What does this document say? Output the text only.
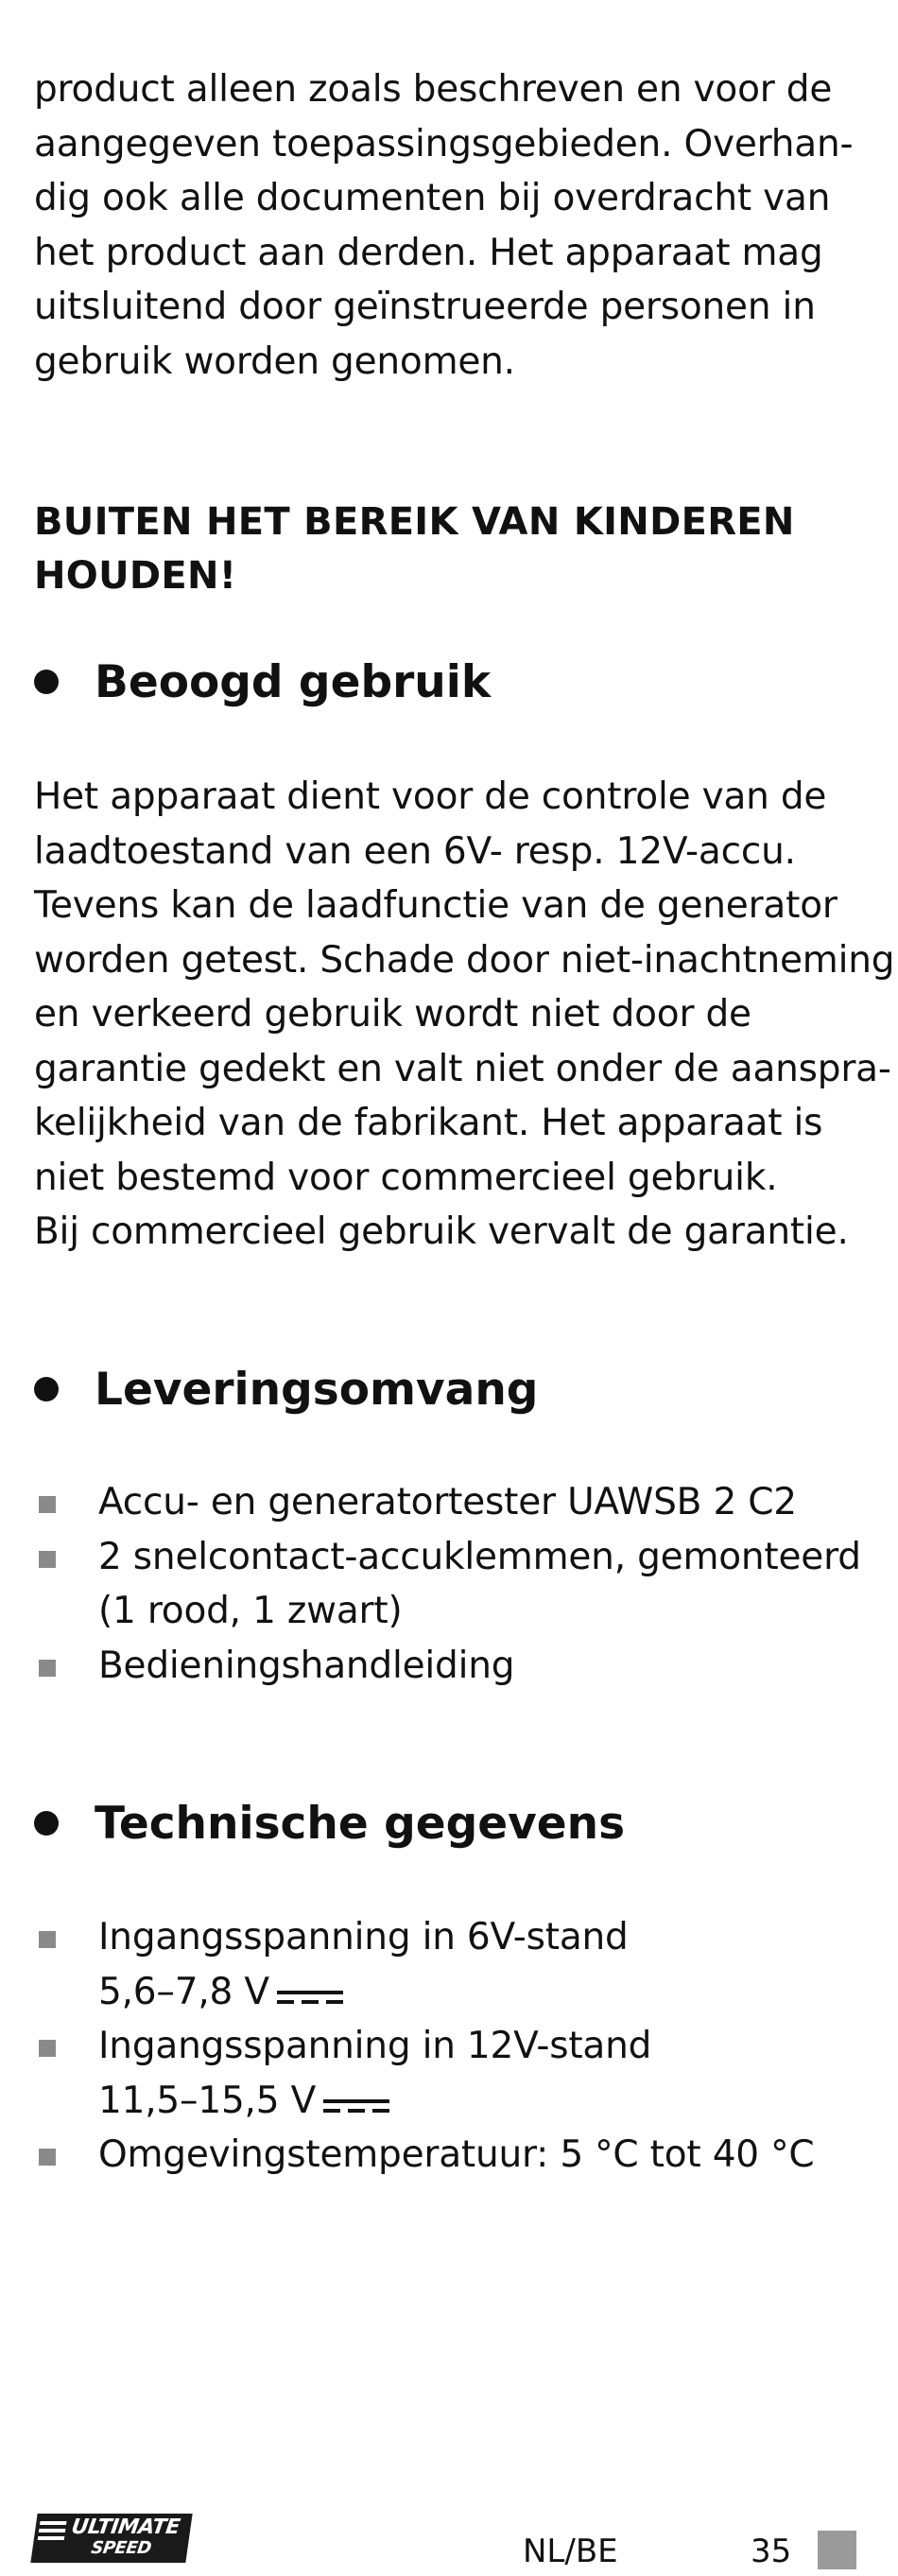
product alleen zoals beschreven en voor de
aangegeven toepassingsgebieden. Overhan-
dig ook alle documenten bij overdracht van
het product aan derden. Het apparaat mag
uitsluitend door geïnstrueerde personen in
gebruik worden genomen.

BUITEN HET BEREIK VAN KINDEREN
HOUDEN!

Beoogd gebruik

Het apparaat dient voor de controle van de
laadtoestand van een 6V- resp. 12V-accu.
Tevens kan de laadfunctie van de generator
worden getest. Schade door niet-inachtneming
en verkeerd gebruik wordt niet door de
garantie gedekt en valt niet onder de aanspra-
kelijkheid van de fabrikant. Het apparaat is
niet bestemd voor commercieel gebruik.
Bij commercieel gebruik vervalt de garantie.

Leveringsomvang
Accu- en generatortester UAWSB 2 C2
2 snelcontact-accuklemmen, gemonteerd
(1 rood, 1 zwart)
Bedieningshandleiding
Technische gegevens
Ingangsspanning in 6V-stand
5,6–7,8 V
Ingangsspanning in 12V-stand
11,5–15,5 V
Omgevingstemperatuur: 5 °C tot 40 °C
ULTIMATE
SPEED	NL/BE	35
